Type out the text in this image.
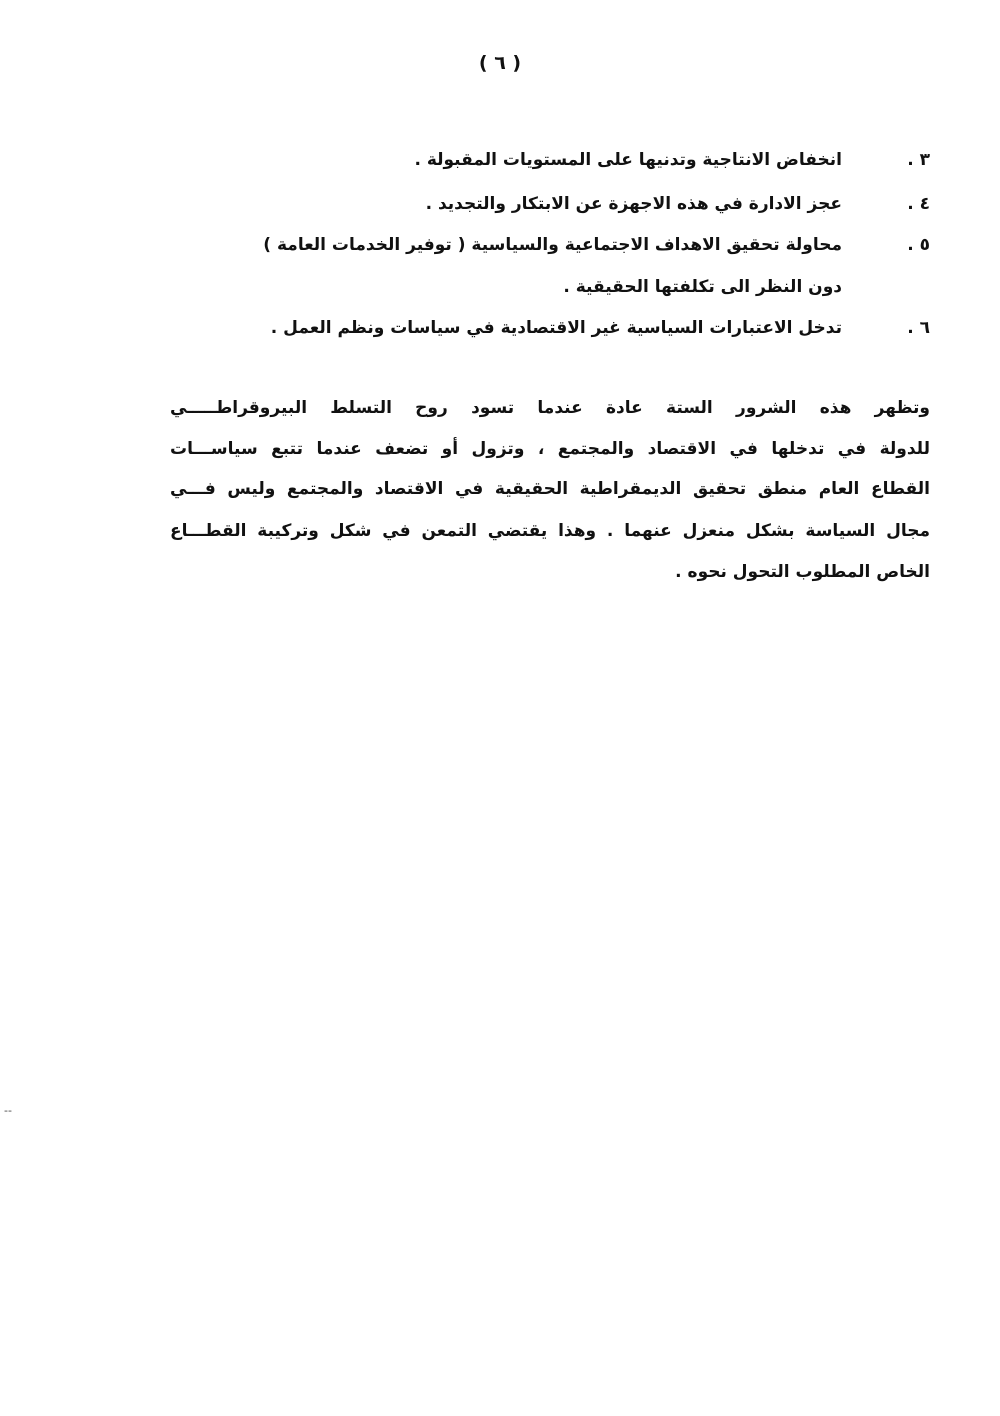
( ٦ )
٣ .
انخفاض الانتاجية وتدنيها على المستويات المقبولة .
٤ .
عجز الادارة في هذه الاجهزة عن الابتكار والتجديد .
٥ .
محاولة تحقيق الاهداف الاجتماعية والسياسية ( توفير الخدمات العامة )
دون النظر الى تكلفتها الحقيقية .
٦ .
تدخل الاعتبارات السياسية غير الاقتصادية في سياسات ونظم العمل .
وتظهر هذه الشرور الستة عادة عندما تسود روح التسلط البيروقراطـــــي
للدولة في تدخلها في الاقتصاد والمجتمع ، وتزول أو تضعف عندما تتبع سياســـات
القطاع العام منطق تحقيق الديمقراطية الحقيقية في الاقتصاد والمجتمع وليس فـــي
مجال السياسة بشكل منعزل عنهما . وهذا يقتضي التمعن في شكل وتركيبة القطـــاع
الخاص المطلوب التحول نحوه .
--
